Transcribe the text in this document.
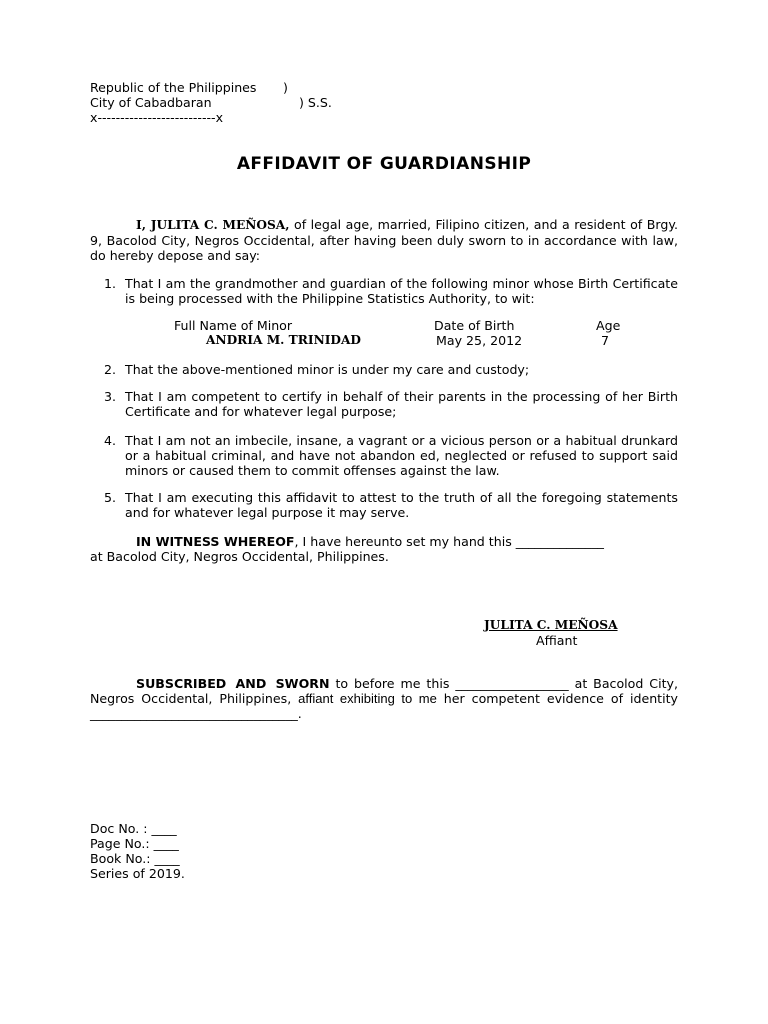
Republic of the Philippines )
City of Cabadbaran	) S.S.
x--------------------------x
AFFIDAVIT OF GUARDIANSHIP
I, JULITA C. MEÑOSA, of legal age, married, Filipino citizen, and a resident of Brgy. 9, Bacolod City, Negros Occidental, after having been duly sworn to in accordance with law, do hereby depose and say:
1. That I am the grandmother and guardian of the following minor whose Birth Certificate is being processed with the Philippine Statistics Authority, to wit:
Full Name of Minor	Date of Birth	Age
ANDRIA M. TRINIDAD	May 25, 2012	7
2. That the above-mentioned minor is under my care and custody;
3. That I am competent to certify in behalf of their parents in the processing of her Birth Certificate and for whatever legal purpose;
4. That I am not an imbecile, insane, a vagrant or a vicious person or a habitual drunkard or a habitual criminal, and have not abandon ed, neglected or refused to support said minors or caused them to commit offenses against the law.
5. That I am executing this affidavit to attest to the truth of all the foregoing statements and for whatever legal purpose it may serve.
IN WITNESS WHEREOF, I have hereunto set my hand this ______________
at Bacolod City, Negros Occidental, Philippines.
JULITA C. MEÑOSA
Affiant
SUBSCRIBED AND SWORN to before me this __________________ at Bacolod City, Negros Occidental, Philippines, affiant exhibiting to me her competent evidence of identity _________________________________.
Doc No. : ____
Page No.: ____
Book No.: ____
Series of 2019.
